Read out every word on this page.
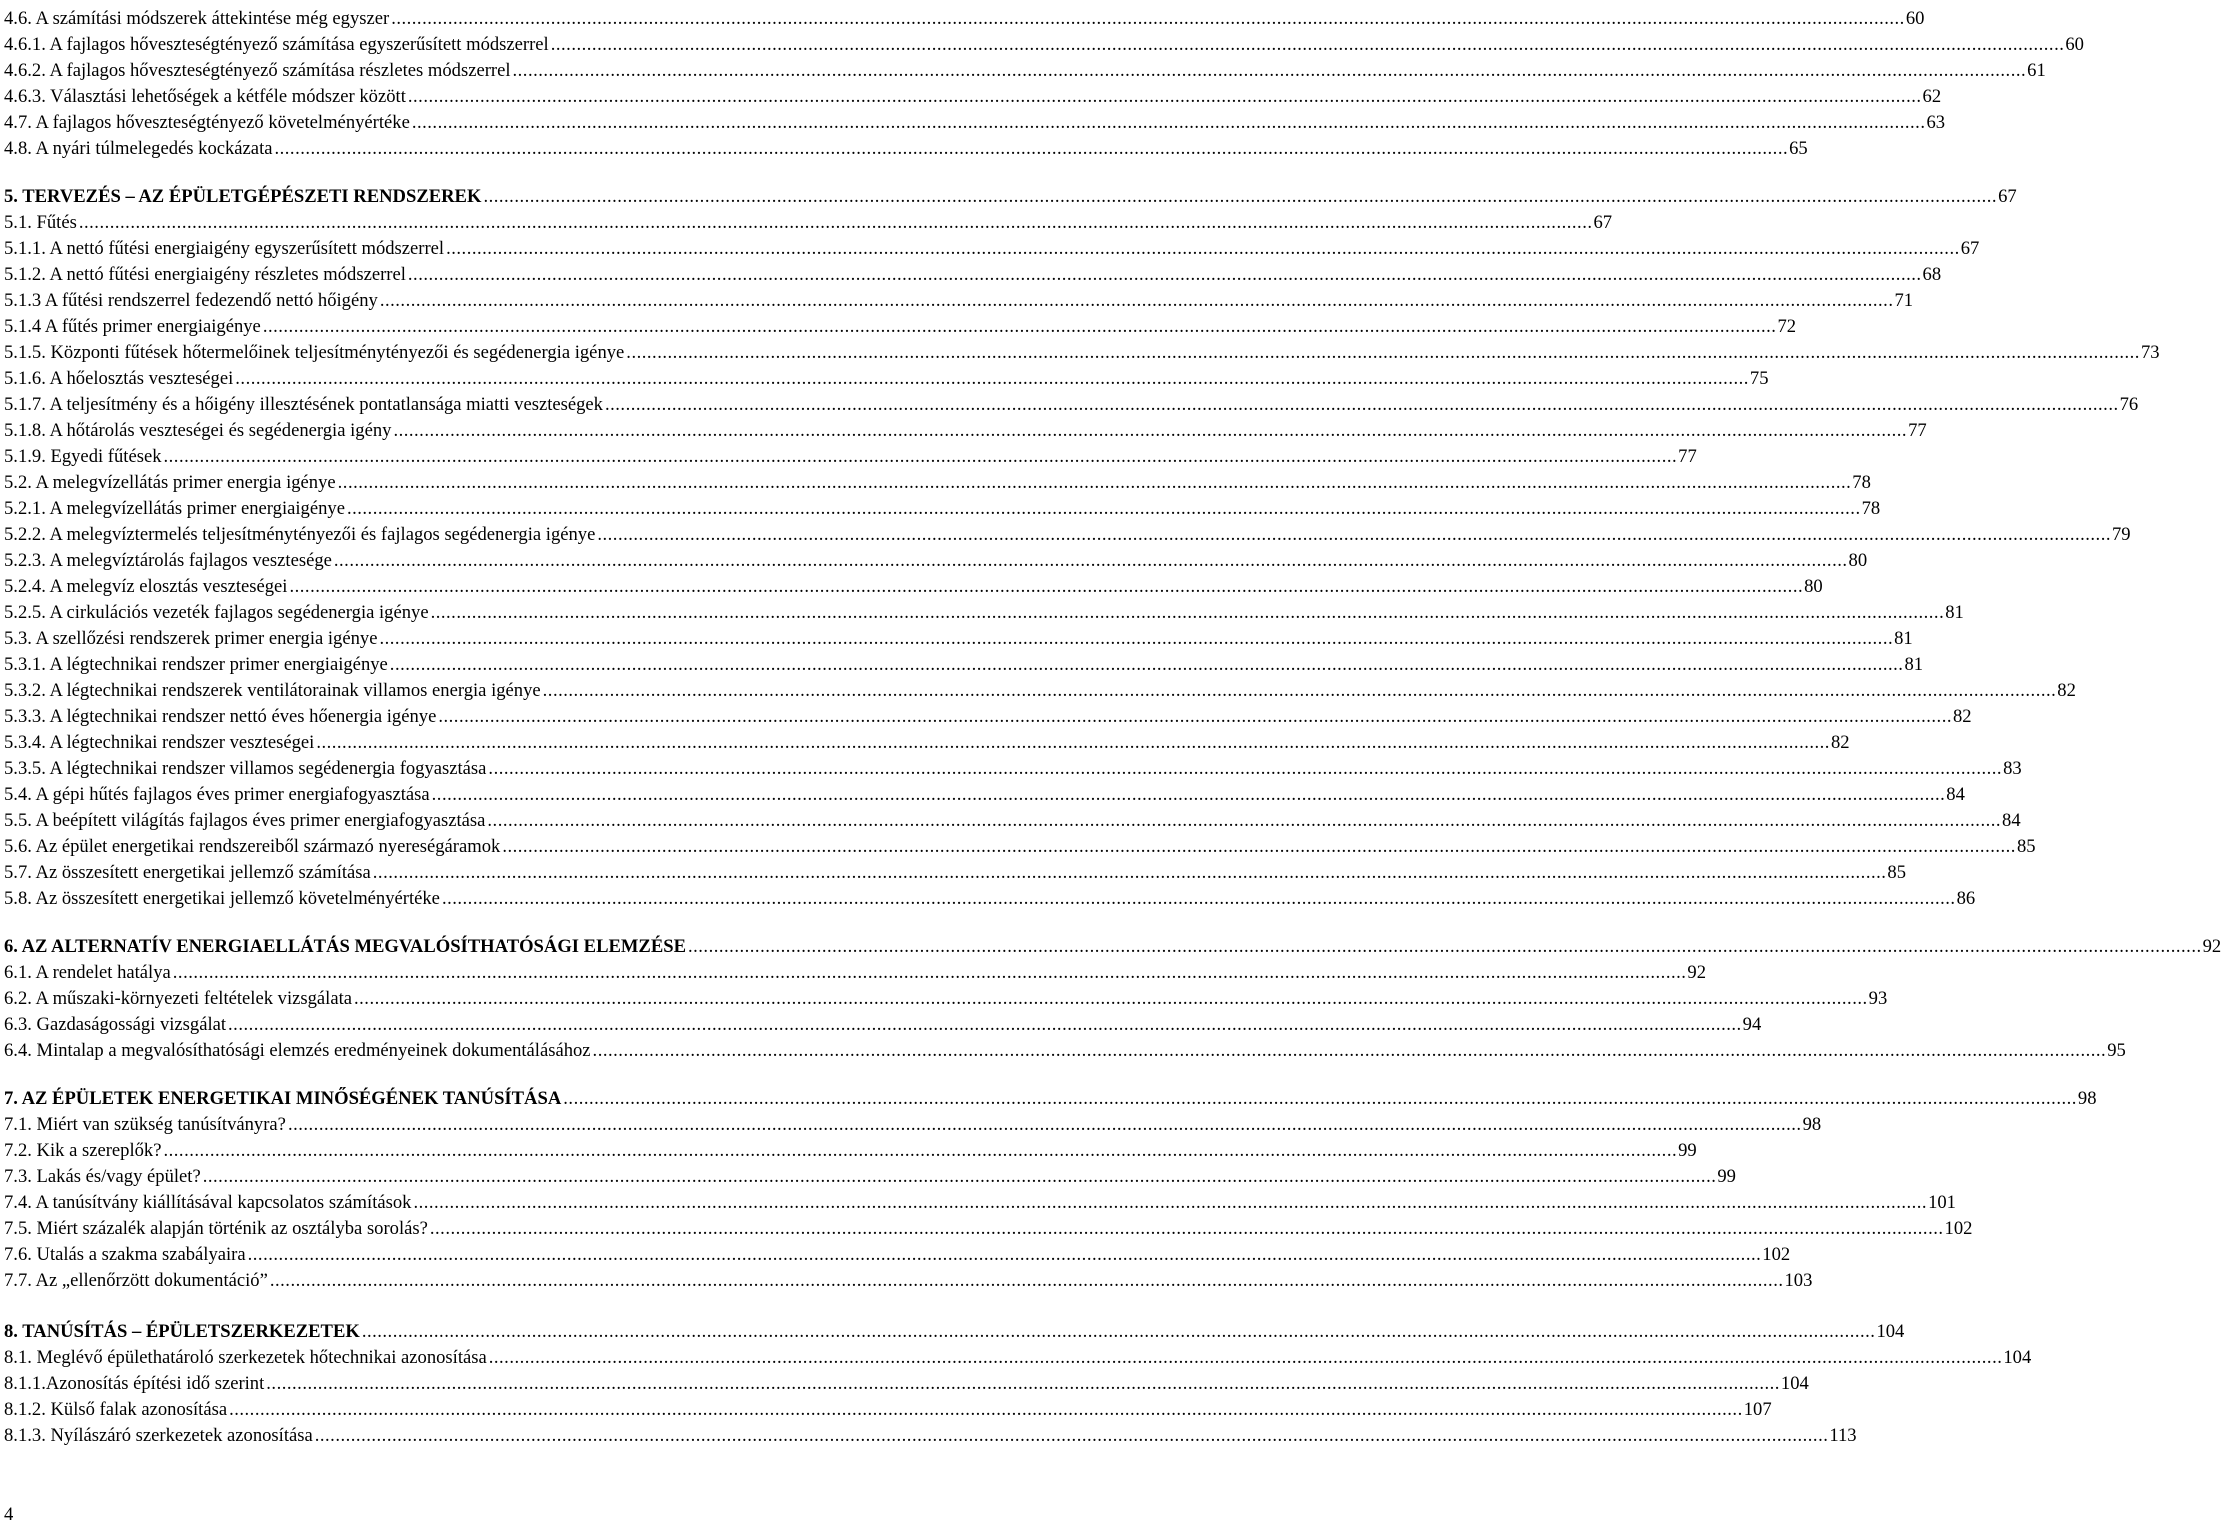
4.6. A számítási módszerek áttekintése még egyszer .....	60
4.6.1. A fajlagos hőveszteségtényező számítása egyszerűsített módszerrel .....	60
4.6.2. A fajlagos hőveszteségtényező számítása részletes módszerrel .....	61
4.6.3. Választási lehetőségek a kétféle módszer között .....	62
4.7. A fajlagos hőveszteségtényező követelményértéke .....	63
4.8. A nyári túlmelegedés kockázata .....	65
5. TERVEZÉS – AZ ÉPÜLETGÉPÉSZETI RENDSZEREK .....	67
5.1. Fűtés .....	67
5.1.1. A nettó fűtési energiaigény egyszerűsített módszerrel .....	67
5.1.2. A nettó fűtési energiaigény részletes módszerrel .....	68
5.1.3 A fűtési rendszerrel fedezendő nettó hőigény .....	71
5.1.4 A fűtés primer energiaigénye .....	72
5.1.5. Központi fűtések hőtermelőinek teljesítménytényezői és segédenergia igénye .....	73
5.1.6. A hőelosztás veszteségei .....	75
5.1.7. A teljesítmény és a hőigény illesztésének pontatlansága miatti veszteségek .....	76
5.1.8. A hőtárolás veszteségei és segédenergia igény .....	77
5.1.9. Egyedi fűtések .....	77
5.2. A melegvízellátás primer energia igénye .....	78
5.2.1. A melegvízellátás primer energiaigénye .....	78
5.2.2. A melegvíztermelés teljesítménytényezői és fajlagos segédenergia igénye .....	79
5.2.3. A melegvíztárolás fajlagos vesztesége .....	80
5.2.4. A melegvíz elosztás veszteségei .....	80
5.2.5. A cirkulációs vezeték fajlagos segédenergia igénye .....	81
5.3. A szellőzési rendszerek primer energia igénye .....	81
5.3.1. A légtechnikai rendszer primer energiaigénye .....	81
5.3.2. A légtechnikai rendszerek ventilátorainak villamos energia igénye .....	82
5.3.3. A légtechnikai rendszer nettó éves hőenergia igénye .....	82
5.3.4. A légtechnikai rendszer veszteségei .....	82
5.3.5. A légtechnikai rendszer villamos segédenergia fogyasztása .....	83
5.4. A gépi hűtés fajlagos éves primer energiafogyasztása .....	84
5.5. A beépített világítás fajlagos éves primer energiafogyasztása .....	84
5.6. Az épület energetikai rendszereiből származó nyereségáramok .....	85
5.7. Az összesített energetikai jellemző számítása .....	85
5.8. Az összesített energetikai jellemző követelményértéke .....	86
6. AZ ALTERNATÍV ENERGIAELLÁTÁS MEGVALÓSÍTHATÓSÁGI ELEMZÉSE .....	92
6.1. A rendelet hatálya .....	92
6.2. A műszaki-környezeti feltételek vizsgálata .....	93
6.3. Gazdaságossági vizsgálat .....	94
6.4. Mintalap a megvalósíthatósági elemzés eredményeinek dokumentálásához .....	95
7. AZ ÉPÜLETEK ENERGETIKAI MINŐSÉGÉNEK TANÚSÍTÁSA .....	98
7.1. Miért van szükség tanúsítványra? .....	98
7.2. Kik a szereplők? .....	99
7.3. Lakás és/vagy épület? .....	99
7.4. A tanúsítvány kiállításával kapcsolatos számítások .....	101
7.5. Miért százalék alapján történik az osztályba sorolás? .....	102
7.6. Utalás a szakma szabályaira .....	102
7.7. Az „ellenőrzött dokumentáció” .....	103
8. TANÚSÍTÁS – ÉPÜLETSZERKEZETEK .....	104
8.1. Meglévő épülethatároló szerkezetek hőtechnikai azonosítása .....	104
8.1.1.Azonosítás építési idő szerint .....	104
8.1.2. Külső falak azonosítása .....	107
8.1.3. Nyílászáró szerkezetek azonosítása .....	113
4
